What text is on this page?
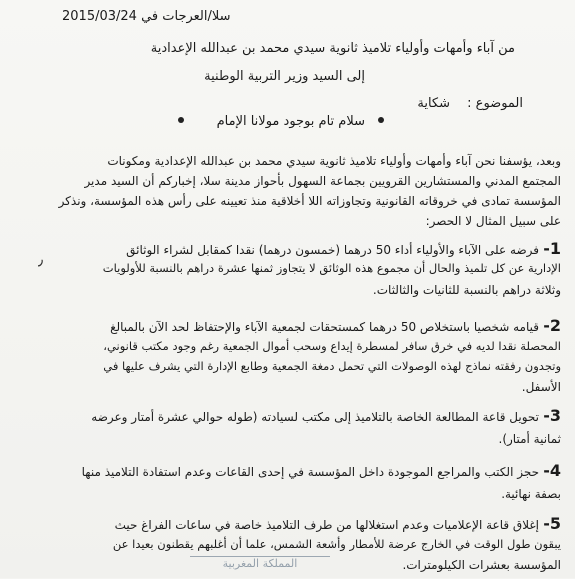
سلا/العرجات في 2015/03/24
من آباء وأمهات وأولياء تلاميذ ثانوية سيدي محمد بن عبدالله الإعدادية
إلى السيد وزير التربية الوطنية
الموضوع :
شكاية
سلام تام بوجود مولانا الإمام
وبعد، يؤسفنا نحن آباء وأمهات وأولياء تلاميذ ثانوية سيدي محمد بن عبدالله الإعدادية ومكونات
المجتمع المدني والمستشارين القرويين بجماعة السهول بأحواز مدينة سلا، إخباركم أن السيد مدير
المؤسسة تمادى في خروقاته القانونية وتجاوزاته اللا أخلاقية منذ تعيينه على رأس هذه المؤسسة، ونذكر
على سبيل المثال لا الحصر:
1-
فرضه على الآباء والأولياء أداء 50 درهما (خمسون درهما) نقدا كمقابل لشراء الوثائق
الإدارية عن كل تلميذ والحال أن مجموع هذه الوثائق لا يتجاوز ثمنها عشرة دراهم بالنسبة للأولويات
وثلاثة دراهم بالنسبة للثانيات والثالثات.
٫
2-
قيامه شخصيا باستخلاص 50 درهما كمستحقات لجمعية الآباء والإحتفاظ لحد الآن بالمبالغ
المحصلة نقدا لديه في خرق سافر لمسطرة إيداع وسحب أموال الجمعية رغم وجود مكتب قانوني،
وتجدون رفقته نماذج لهذه الوصولات التي تحمل دمغة الجمعية وطابع الإدارة التي يشرف عليها في
الأسفل.
3-
تحويل قاعة المطالعة الخاصة بالتلاميذ إلى مكتب لسيادته (طوله حوالي عشرة أمتار وعرضه
ثمانية أمتار).
4-
حجز الكتب والمراجع الموجودة داخل المؤسسة في إحدى القاعات وعدم استفادة التلاميذ منها
بصفة نهائية.
5-
إغلاق قاعة الإعلاميات وعدم استغلالها من طرف التلاميذ خاصة في ساعات الفراغ حيث
يبقون طول الوقت في الخارج عرضة للأمطار وأشعة الشمس، علما أن أغلبهم يقطنون بعيدا عن
المؤسسة بعشرات الكيلومترات.
المملكة المغربية
